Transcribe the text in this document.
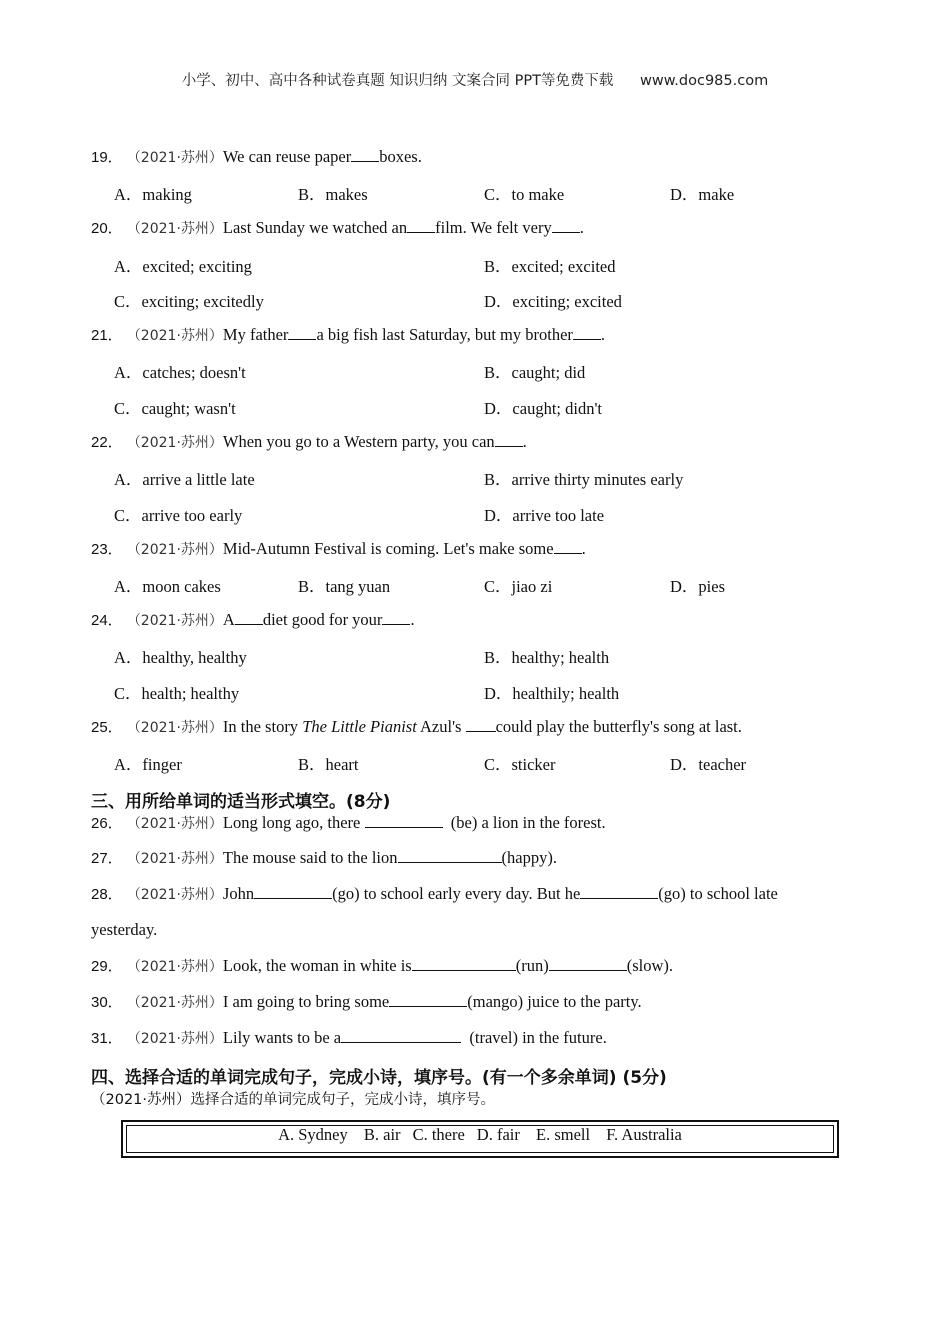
小学、初中、高中各种试卷真题 知识归纳 文案合同 PPT等免费下载 www.doc985.com
19． （2021·苏州）We can reuse paper boxes.
A．making	B．makes	C．to make	D．make
20． （2021·苏州）Last Sunday we watched an film. We felt very .
A．excited; exciting	B．excited; excited
C．exciting; excitedly	D．exciting; excited
21． （2021·苏州）My father a big fish last Saturday, but my brother .
A．catches; doesn't	B．caught; did
C．caught; wasn't	D．caught; didn't
22． （2021·苏州）When you go to a Western party, you can .
A．arrive a little late	B．arrive thirty minutes early
C．arrive too early	D．arrive too late
23． （2021·苏州）Mid-Autumn Festival is coming. Let's make some .
A．moon cakes	B．tang yuan	C．jiao zi	D．pies
24． （2021·苏州）A diet good for your .
A．healthy, healthy	B．healthy; health
C．health; healthy	D．healthily; health
25． （2021·苏州）In the story The Little Pianist Azul's could play the butterfly's song at last.
A．finger	B．heart	C．sticker	D．teacher
三、用所给单词的适当形式填空。(8分)
26． （2021·苏州）Long long ago, there	(be) a lion in the forest.
27． （2021·苏州）The mouse said to the lion	(happy).
28． （2021·苏州）John	(go) to school early every day. But he	(go) to school late
yesterday.
29． （2021·苏州）Look, the woman in white is	(run)	(slow).
30． （2021·苏州）I am going to bring some	(mango) juice to the party.
31． （2021·苏州）Lily wants to be a	(travel) in the future.
四、选择合适的单词完成句子，完成小诗，填序号。(有一个多余单词) (5分)
（2021·苏州）选择合适的单词完成句子，完成小诗，填序号。
A. Sydney B. air C. there D. fair E. smell F. Australia
